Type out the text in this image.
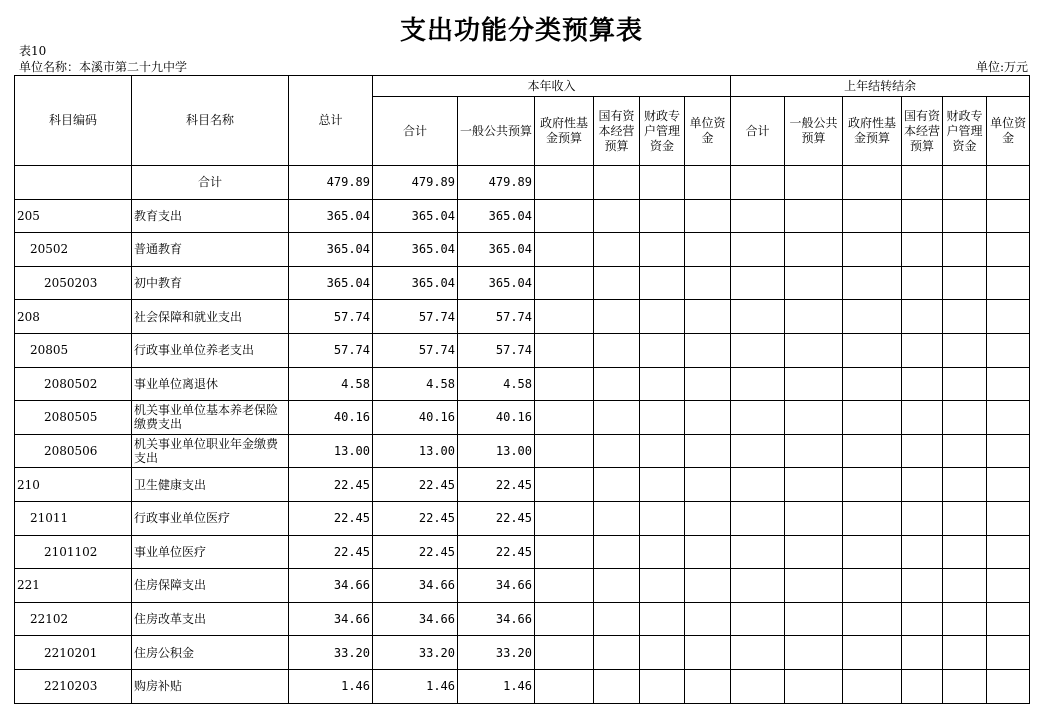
支出功能分类预算表
表10
单位名称：本溪市第二十九中学	单位:万元
科目编码	科目名称	总计	本年收入						上年结转结余					
			合计	一般公共预算	政府性基金预算	国有资本经营预算	财政专户管理资金	单位资金	合计	一般公共预算	政府性基金预算	国有资本经营预算	财政专户管理资金	单位资金
	合计	479.89	479.89	479.89										
205	教育支出	365.04	365.04	365.04										
20502	普通教育	365.04	365.04	365.04										
2050203	初中教育	365.04	365.04	365.04										
208	社会保障和就业支出	57.74	57.74	57.74										
20805	行政事业单位养老支出	57.74	57.74	57.74										
2080502	事业单位离退休	4.58	4.58	4.58										
2080505	机关事业单位基本养老保险缴费支出	40.16	40.16	40.16										
2080506	机关事业单位职业年金缴费支出	13.00	13.00	13.00										
210	卫生健康支出	22.45	22.45	22.45										
21011	行政事业单位医疗	22.45	22.45	22.45										
2101102	事业单位医疗	22.45	22.45	22.45										
221	住房保障支出	34.66	34.66	34.66										
22102	住房改革支出	34.66	34.66	34.66										
2210201	住房公积金	33.20	33.20	33.20										
2210203	购房补贴	1.46	1.46	1.46										
